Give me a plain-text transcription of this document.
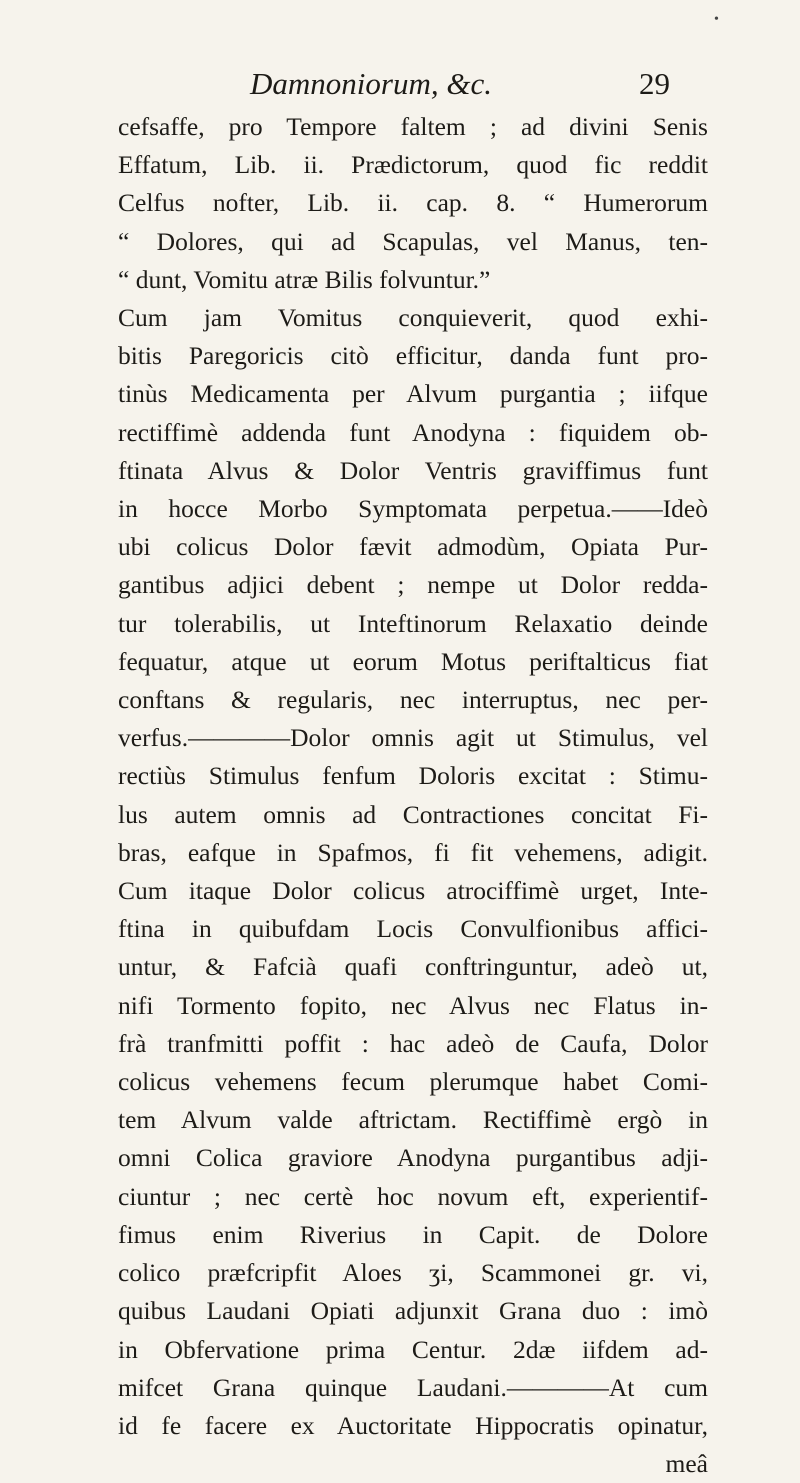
•
Damnoniorum, &c.	29
cefsaffe, pro Tempore faltem ; ad divini Senis
Effatum, Lib. ii. Prædictorum, quod fic reddit
Celfus nofter, Lib. ii. cap. 8. “ Humerorum
“ Dolores, qui ad Scapulas, vel Manus, ten-
“ dunt, Vomitu atræ Bilis folvuntur.”
Cum jam Vomitus conquieverit, quod exhi-
bitis Paregoricis citò efficitur, danda funt pro-
tinùs Medicamenta per Alvum purgantia ; iifque
rectiffimè addenda funt Anodyna : fiquidem ob-
ftinata Alvus & Dolor Ventris graviffimus funt
in hocce Morbo Symptomata perpetua.——Ideò
ubi colicus Dolor fævit admodùm, Opiata Pur-
gantibus adjici debent ; nempe ut Dolor redda-
tur tolerabilis, ut Inteftinorum Relaxatio deinde
fequatur, atque ut eorum Motus periftalticus fiat
conftans & regularis, nec interruptus, nec per-
verfus.————Dolor omnis agit ut Stimulus, vel
rectiùs Stimulus fenfum Doloris excitat : Stimu-
lus autem omnis ad Contractiones concitat Fi-
bras, eafque in Spafmos, fi fit vehemens, adigit.
Cum itaque Dolor colicus atrociffimè urget, Inte-
ftina in quibufdam Locis Convulfionibus affici-
untur, & Fafcià quafi conftringuntur, adeò ut,
nifi Tormento fopito, nec Alvus nec Flatus in-
frà tranfmitti poffit : hac adeò de Caufa, Dolor
colicus vehemens fecum plerumque habet Comi-
tem Alvum valde aftrictam. Rectiffimè ergò in
omni Colica graviore Anodyna purgantibus adji-
ciuntur ; nec certè hoc novum eft, experientif-
fimus enim Riverius in Capit. de Dolore
colico præfcripfit Aloes ʒi, Scammonei gr. vi,
quibus Laudani Opiati adjunxit Grana duo : imò
in Obfervatione prima Centur. 2dæ iifdem ad-
mifcet Grana quinque Laudani.————At cum
id fe facere ex Auctoritate Hippocratis opinatur,
meâ
